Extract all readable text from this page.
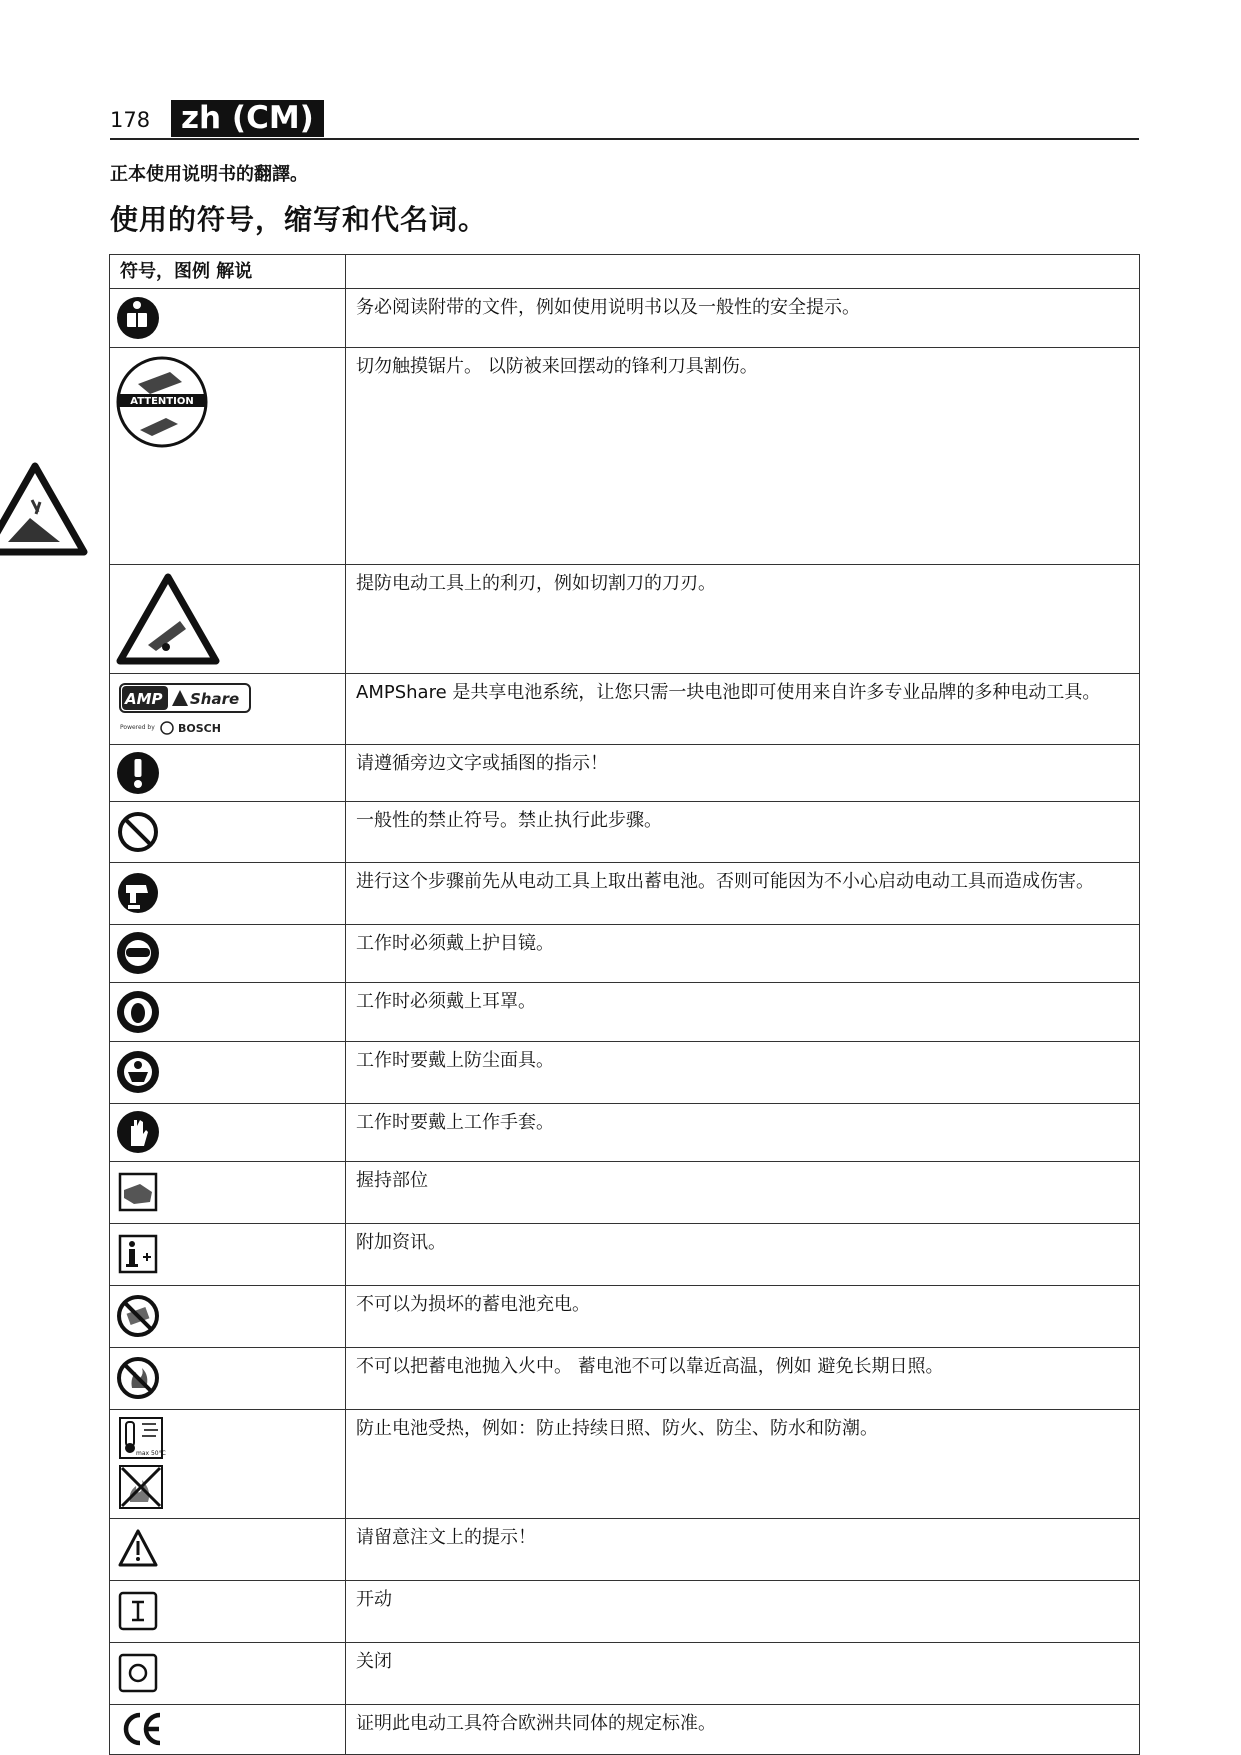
178 zh (CM)
正本使用说明书的翻譯。
使用的符号，缩写和代名词。
符号，图例 解说	

	务必阅读附带的文件，例如使用说明书以及一般性的安全提示。

ATTENTION	切勿触摸锯片。 以防被来回摆动的锋利刀具割伤。

	提防电动工具上的利刃，例如切割刀的刀刃。

AMP Share
Powered by BOSCH	AMPShare 是共享电池系统，让您只需一块电池即可使用来自许多专业品牌的多种电动工具。

	请遵循旁边文字或插图的指示！

	一般性的禁止符号。禁止执行此步骤。

	进行这个步骤前先从电动工具上取出蓄电池。否则可能因为不小心启动电动工具而造成伤害。

	工作时必须戴上护目镜。

	工作时必须戴上耳罩。

	工作时要戴上防尘面具。

	工作时要戴上工作手套。

	握持部位

	附加资讯。

	不可以为损坏的蓄电池充电。

	不可以把蓄电池抛入火中。 蓄电池不可以靠近高温，例如 避免长期日照。

max 50°C	防止电池受热，例如：防止持续日照、防火、防尘、防水和防潮。

	请留意注文上的提示！

	开动

	关闭

	证明此电动工具符合欧洲共同体的规定标准。
